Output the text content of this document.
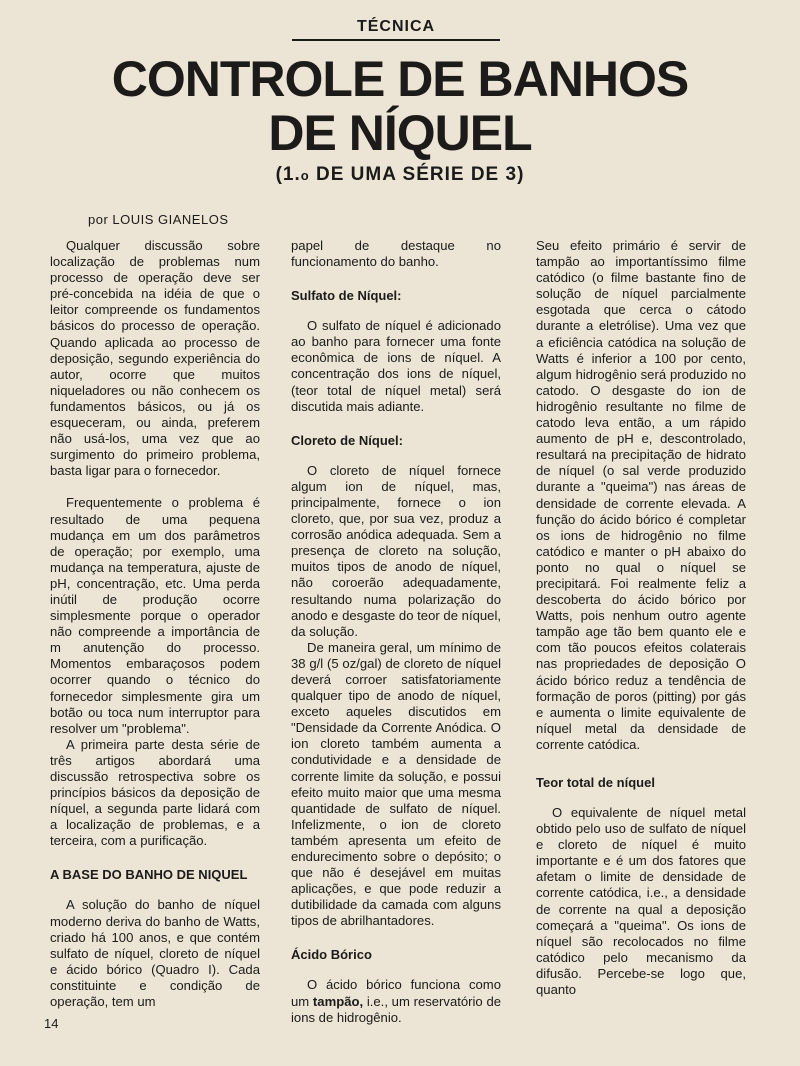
TÉCNICA
CONTROLE DE BANHOS
DE NÍQUEL
(1.o DE UMA SÉRIE DE 3)
por LOUIS GIANELOS

Qualquer discussão sobre localização de problemas num processo de operação deve ser pré-concebida na idéia de que o leitor compreende os fundamentos básicos do processo de operação. Quando aplicada ao processo de deposição, segundo experiência do autor, ocorre que muitos niqueladores ou não conhecem os fundamentos básicos, ou já os esqueceram, ou ainda, preferem não usá-los, uma vez que ao surgimento do primeiro problema, basta ligar para o fornecedor.

Frequentemente o problema é resultado de uma pequena mudança em um dos parâmetros de operação; por exemplo, uma mudança na temperatura, ajuste de pH, concentração, etc. Uma perda inútil de produção ocorre simplesmente porque o operador não compreende a importância de m anutenção do processo. Momentos embaraçosos podem ocorrer quando o técnico do fornecedor simplesmente gira um botão ou toca num interruptor para resolver um "problema".

A primeira parte desta série de três artigos abordará uma discussão retrospectiva sobre os princípios básicos da deposição de níquel, a segunda parte lidará com a localização de problemas, e a terceira, com a purificação.

A BASE DO BANHO DE NIQUEL

A solução do banho de níquel moderno deriva do banho de Watts, criado há 100 anos, e que contém sulfato de níquel, cloreto de níquel e ácido bórico (Quadro I). Cada constituinte e condição de operação, tem um

papel de destaque no funcionamento do banho.

Sulfato de Níquel:

O sulfato de níquel é adicionado ao banho para fornecer uma fonte econômica de ions de níquel. A concentração dos ions de níquel, (teor total de níquel metal) será discutida mais adiante.

Cloreto de Níquel:

O cloreto de níquel fornece algum ion de níquel, mas, principalmente, fornece o ion cloreto, que, por sua vez, produz a corrosão anódica adequada. Sem a presença de cloreto na solução, muitos tipos de anodo de níquel, não coroerão adequadamente, resultando numa polarização do anodo e desgaste do teor de níquel, da solução.

De maneira geral, um mínimo de 38 g/l (5 oz/gal) de cloreto de níquel deverá corroer satisfatoriamente qualquer tipo de anodo de níquel, exceto aqueles discutidos em "Densidade da Corrente Anódica. O ion cloreto também aumenta a condutividade e a densidade de corrente limite da solução, e possui efeito muito maior que uma mesma quantidade de sulfato de níquel. Infelizmente, o ion de cloreto também apresenta um efeito de endurecimento sobre o depósito; o que não é desejável em muitas aplicações, e que pode reduzir a dutibilidade da camada com alguns tipos de abrilhantadores.

Ácido Bórico

O ácido bórico funciona como um tampão, i.e., um reservatório de ions de hidrogênio.

Seu efeito primário é servir de tampão ao importantíssimo filme catódico (o filme bastante fino de solução de níquel parcialmente esgotada que cerca o cátodo durante a eletrólise). Uma vez que a eficiência catódica na solução de Watts é inferior a 100 por cento, algum hidrogênio será produzido no catodo. O desgaste do ion de hidrogênio resultante no filme de catodo leva então, a um rápido aumento de pH e, descontrolado, resultará na precipitação de hidrato de níquel (o sal verde produzido durante a "queima") nas áreas de densidade de corrente elevada. A função do ácido bórico é completar os ions de hidrogênio no filme catódico e manter o pH abaixo do ponto no qual o níquel se precipitará. Foi realmente feliz a descoberta do ácido bórico por Watts, pois nenhum outro agente tampão age tão bem quanto ele e com tão poucos efeitos colaterais nas propriedades de deposição O ácido bórico reduz a tendência de formação de poros (pitting) por gás e aumenta o limite equivalente de níquel metal da densidade de corrente catódica.

Teor total de níquel

O equivalente de níquel metal obtido pelo uso de sulfato de níquel e cloreto de níquel é muito importante e é um dos fatores que afetam o limite de densidade de corrente catódica, i.e., a densidade de corrente na qual a deposição começará a "queima". Os ions de níquel são recolocados no filme catódico pelo mecanismo da difusão. Percebe-se logo que, quanto

14
